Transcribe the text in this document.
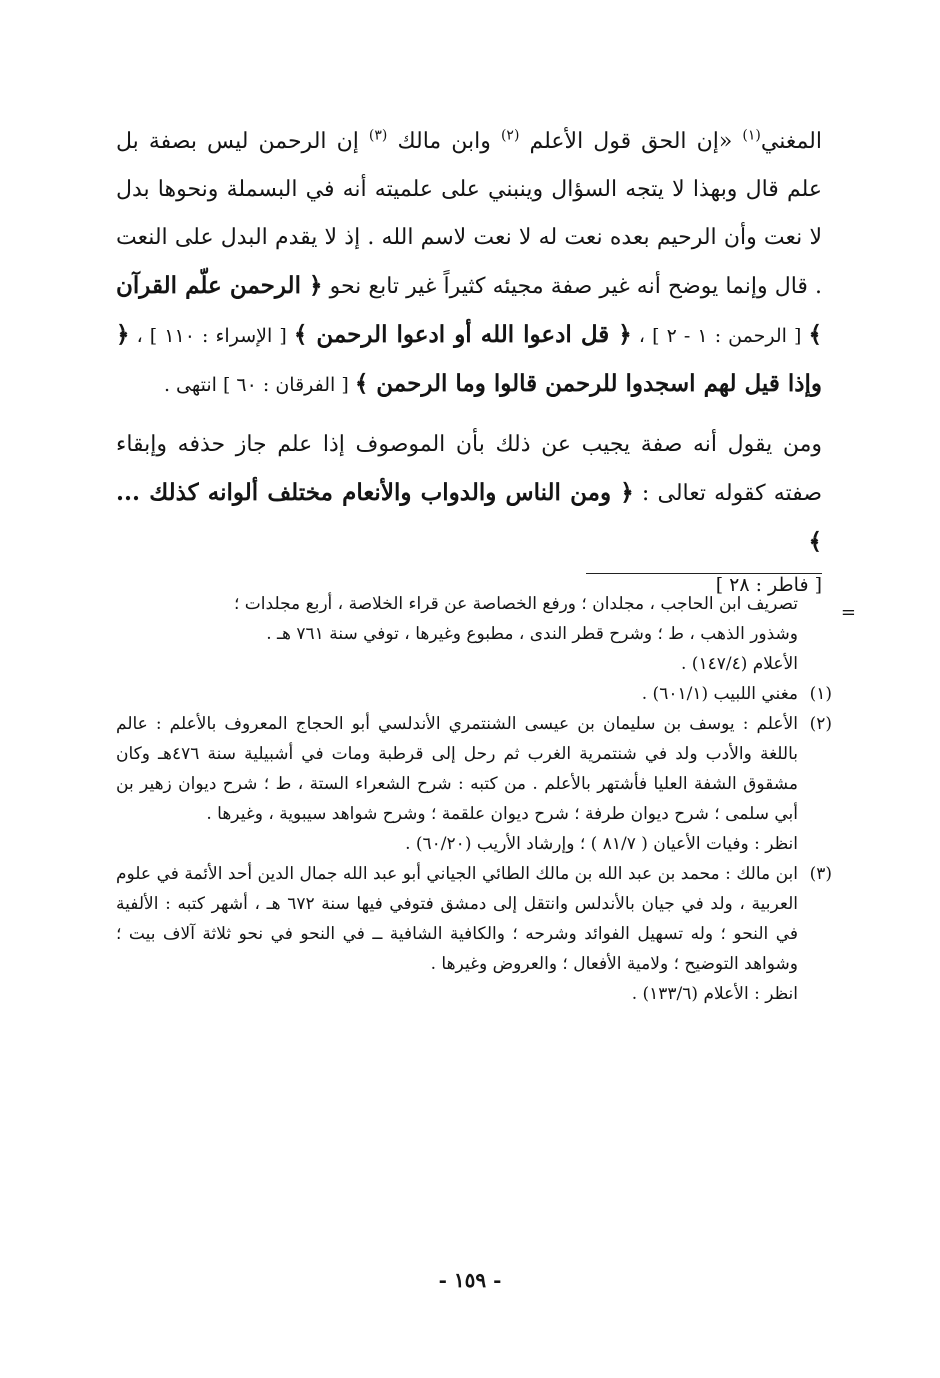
المغني$^{(١)}$ «إن الحق قول الأعلم $^{(٢)}$ وابن مالك $^{(٣)}$ إن الرحمن ليس بصفة بل علم قال وبهذا لا يتجه السؤال وينبني على علميته أنه في البسملة ونحوها بدل لا نعت وأن الرحيم بعده نعت له لا نعت لاسم الله . إذ لا يقدم البدل على النعت . قال وإنما يوضح أنه غير صفة مجيئه كثيراً غير تابع نحو ﴿ الرحمن علّم القرآن ﴾ [ الرحمن : ١ - ٢ ] ، ﴿ قل ادعوا الله أو ادعوا الرحمن ﴾ [ الإسراء : ١١٠ ] ، ﴿ وإذا قيل لهم اسجدوا للرحمن قالوا وما الرحمن ﴾ [ الفرقان : ٦٠ ] انتهى .

ومن يقول أنه صفة يجيب عن ذلك بأن الموصوف إذا علم جاز حذفه وإبقاء صفته كقوله تعالى : ﴿ ومن الناس والدواب والأنعام مختلف ألوانه كذلك ... ﴾

[ فاطر : ٢٨ ]
=
تصريف ابن الحاجب ، مجلدان ؛ ورفع الخصاصة عن قراء الخلاصة ، أربع مجلدات ؛
وشذور الذهب ، ط ؛ وشرح قطر الندى ، مطبوع وغيرها ، توفي سنة ٧٦١ هـ .
الأعلام (١٤٧/٤) .
(١)
مغني اللبيب (٦٠١/١) .
(٢)
الأعلم : يوسف بن سليمان بن عيسى الشنتمري الأندلسي أبو الحجاج المعروف بالأعلم : عالم باللغة والأدب ولد في شنتمرية الغرب ثم رحل إلى قرطبة ومات في أشبيلية سنة ٤٧٦هـ وكان مشقوق الشفة العليا فأشتهر بالأعلم . من كتبه : شرح الشعراء الستة ، ط ؛ شرح ديوان زهير بن أبي سلمى ؛ شرح ديوان طرفة ؛ شرح ديوان علقمة ؛ وشرح شواهد سيبوية ، وغيرها .
انظر : وفيات الأعيان ( ٨١/٧ ) ؛ وإرشاد الأريب (٦٠/٢٠) .
(٣)
ابن مالك : محمد بن عبد الله بن مالك الطائي الجياني أبو عبد الله جمال الدين أحد الأئمة في علوم العربية ، ولد في جيان بالأندلس وانتقل إلى دمشق فتوفي فيها سنة ٦٧٢ هـ ، أشهر كتبه : الألفية في النحو ؛ وله تسهيل الفوائد وشرحه ؛ والكافية الشافية ــ في النحو في نحو ثلاثة آلاف بيت ؛ وشواهد التوضيح ؛ ولامية الأفعال ؛ والعروض وغيرها .
انظر : الأعلام (١٣٣/٦) .
- ١٥٩ -
